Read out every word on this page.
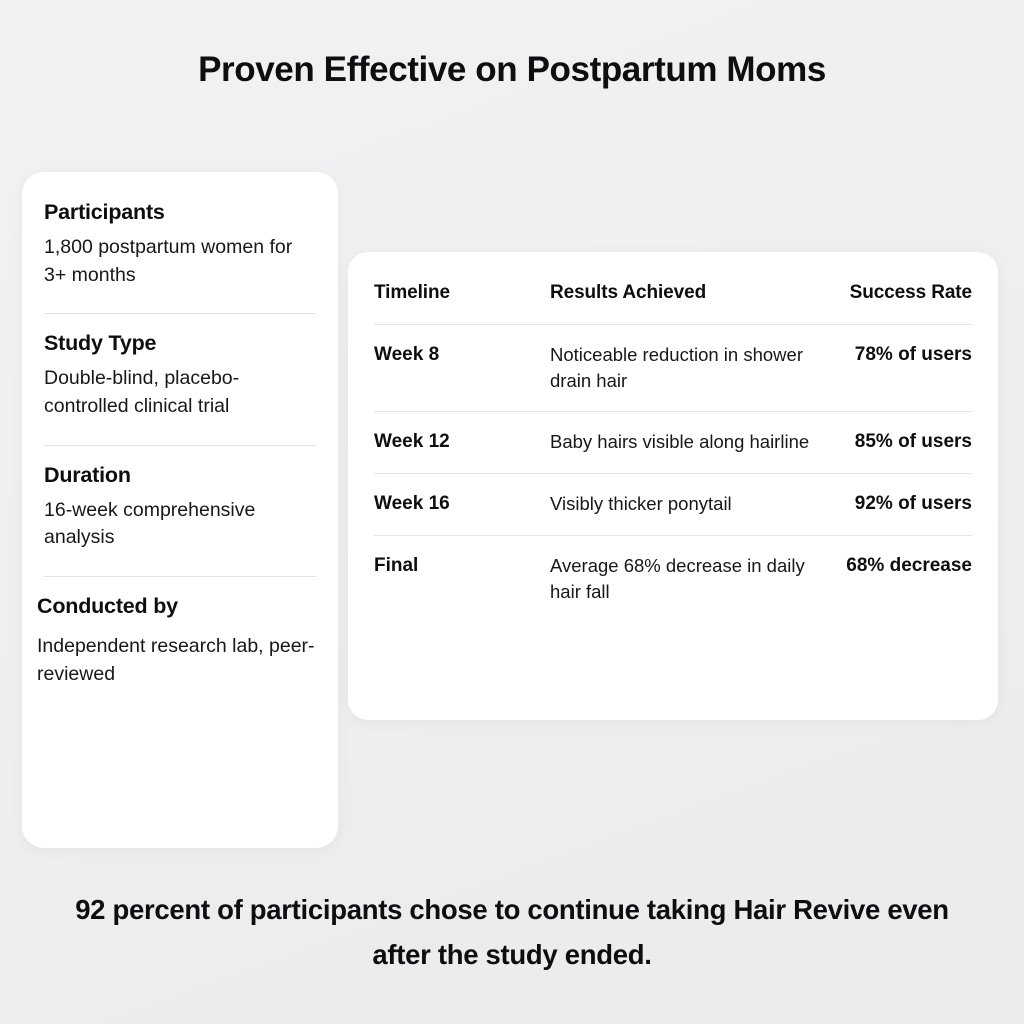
Proven Effective on Postpartum Moms
Participants
1,800 postpartum women for 3+ months
Study Type
Double-blind, placebo-controlled clinical trial
Duration
16-week comprehensive analysis
Conducted by
Independent research lab, peer-reviewed
Timeline	Results Achieved	Success Rate
Week 8	Noticeable reduction in shower drain hair	78% of users
Week 12	Baby hairs visible along hairline	85% of users
Week 16	Visibly thicker ponytail	92% of users
Final	Average 68% decrease in daily hair fall	68% decrease
92 percent of participants chose to continue taking Hair Revive even after the study ended.
